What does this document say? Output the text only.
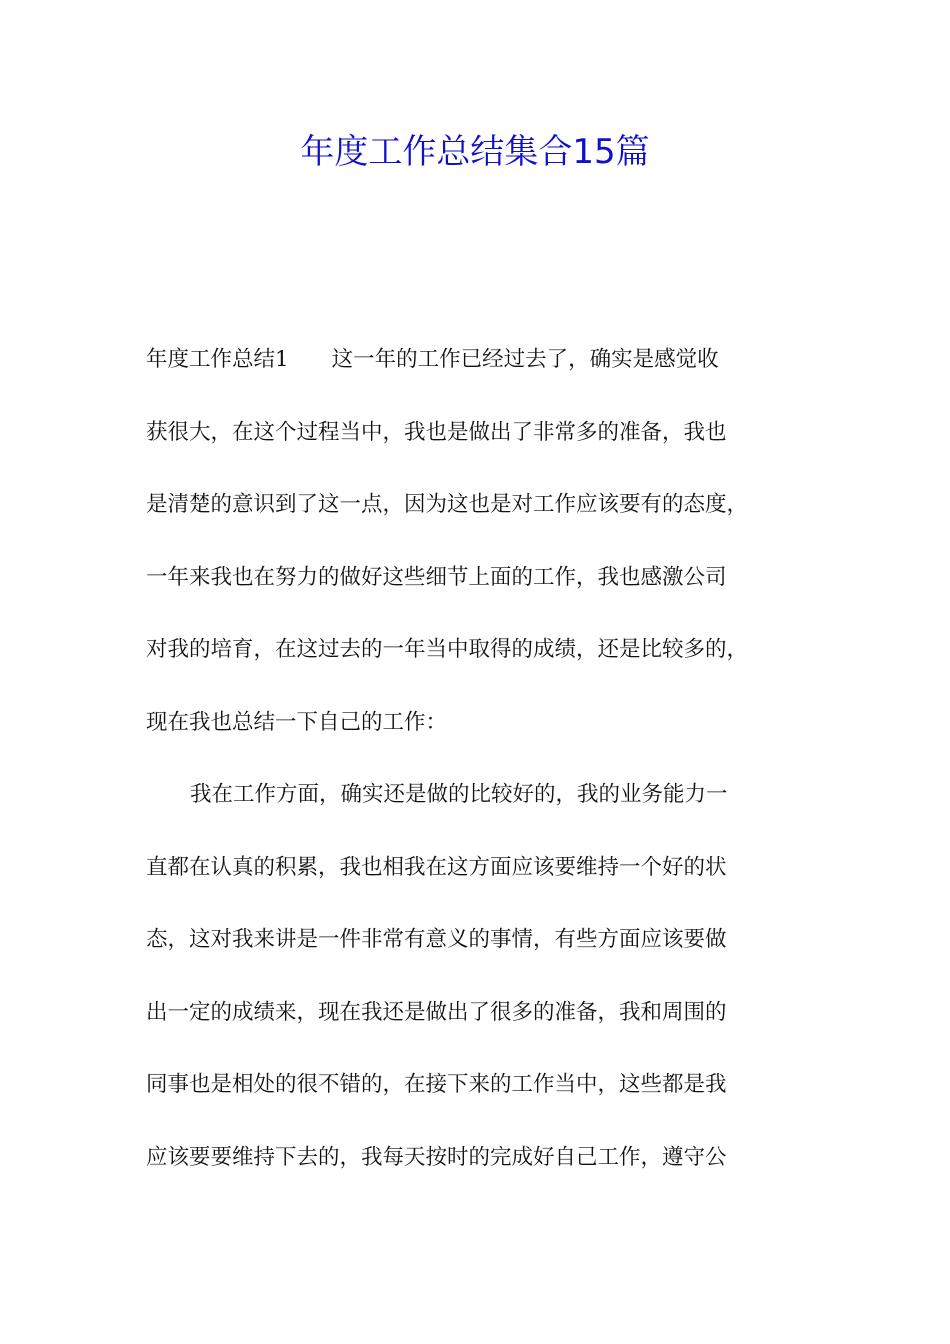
年度工作总结集合15篇

年度工作总结1　　这一年的工作已经过去了，确实是感觉收

获很大，在这个过程当中，我也是做出了非常多的准备，我也

是清楚的意识到了这一点，因为这也是对工作应该要有的态度，

一年来我也在努力的做好这些细节上面的工作，我也感激公司

对我的培育，在这过去的一年当中取得的成绩，还是比较多的，

现在我也总结一下自己的工作：

我在工作方面，确实还是做的比较好的，我的业务能力一

直都在认真的积累，我也相我在这方面应该要维持一个好的状

态，这对我来讲是一件非常有意义的事情，有些方面应该要做

出一定的成绩来，现在我还是做出了很多的准备，我和周围的

同事也是相处的很不错的，在接下来的工作当中，这些都是我

应该要要维持下去的，我每天按时的完成好自己工作，遵守公
